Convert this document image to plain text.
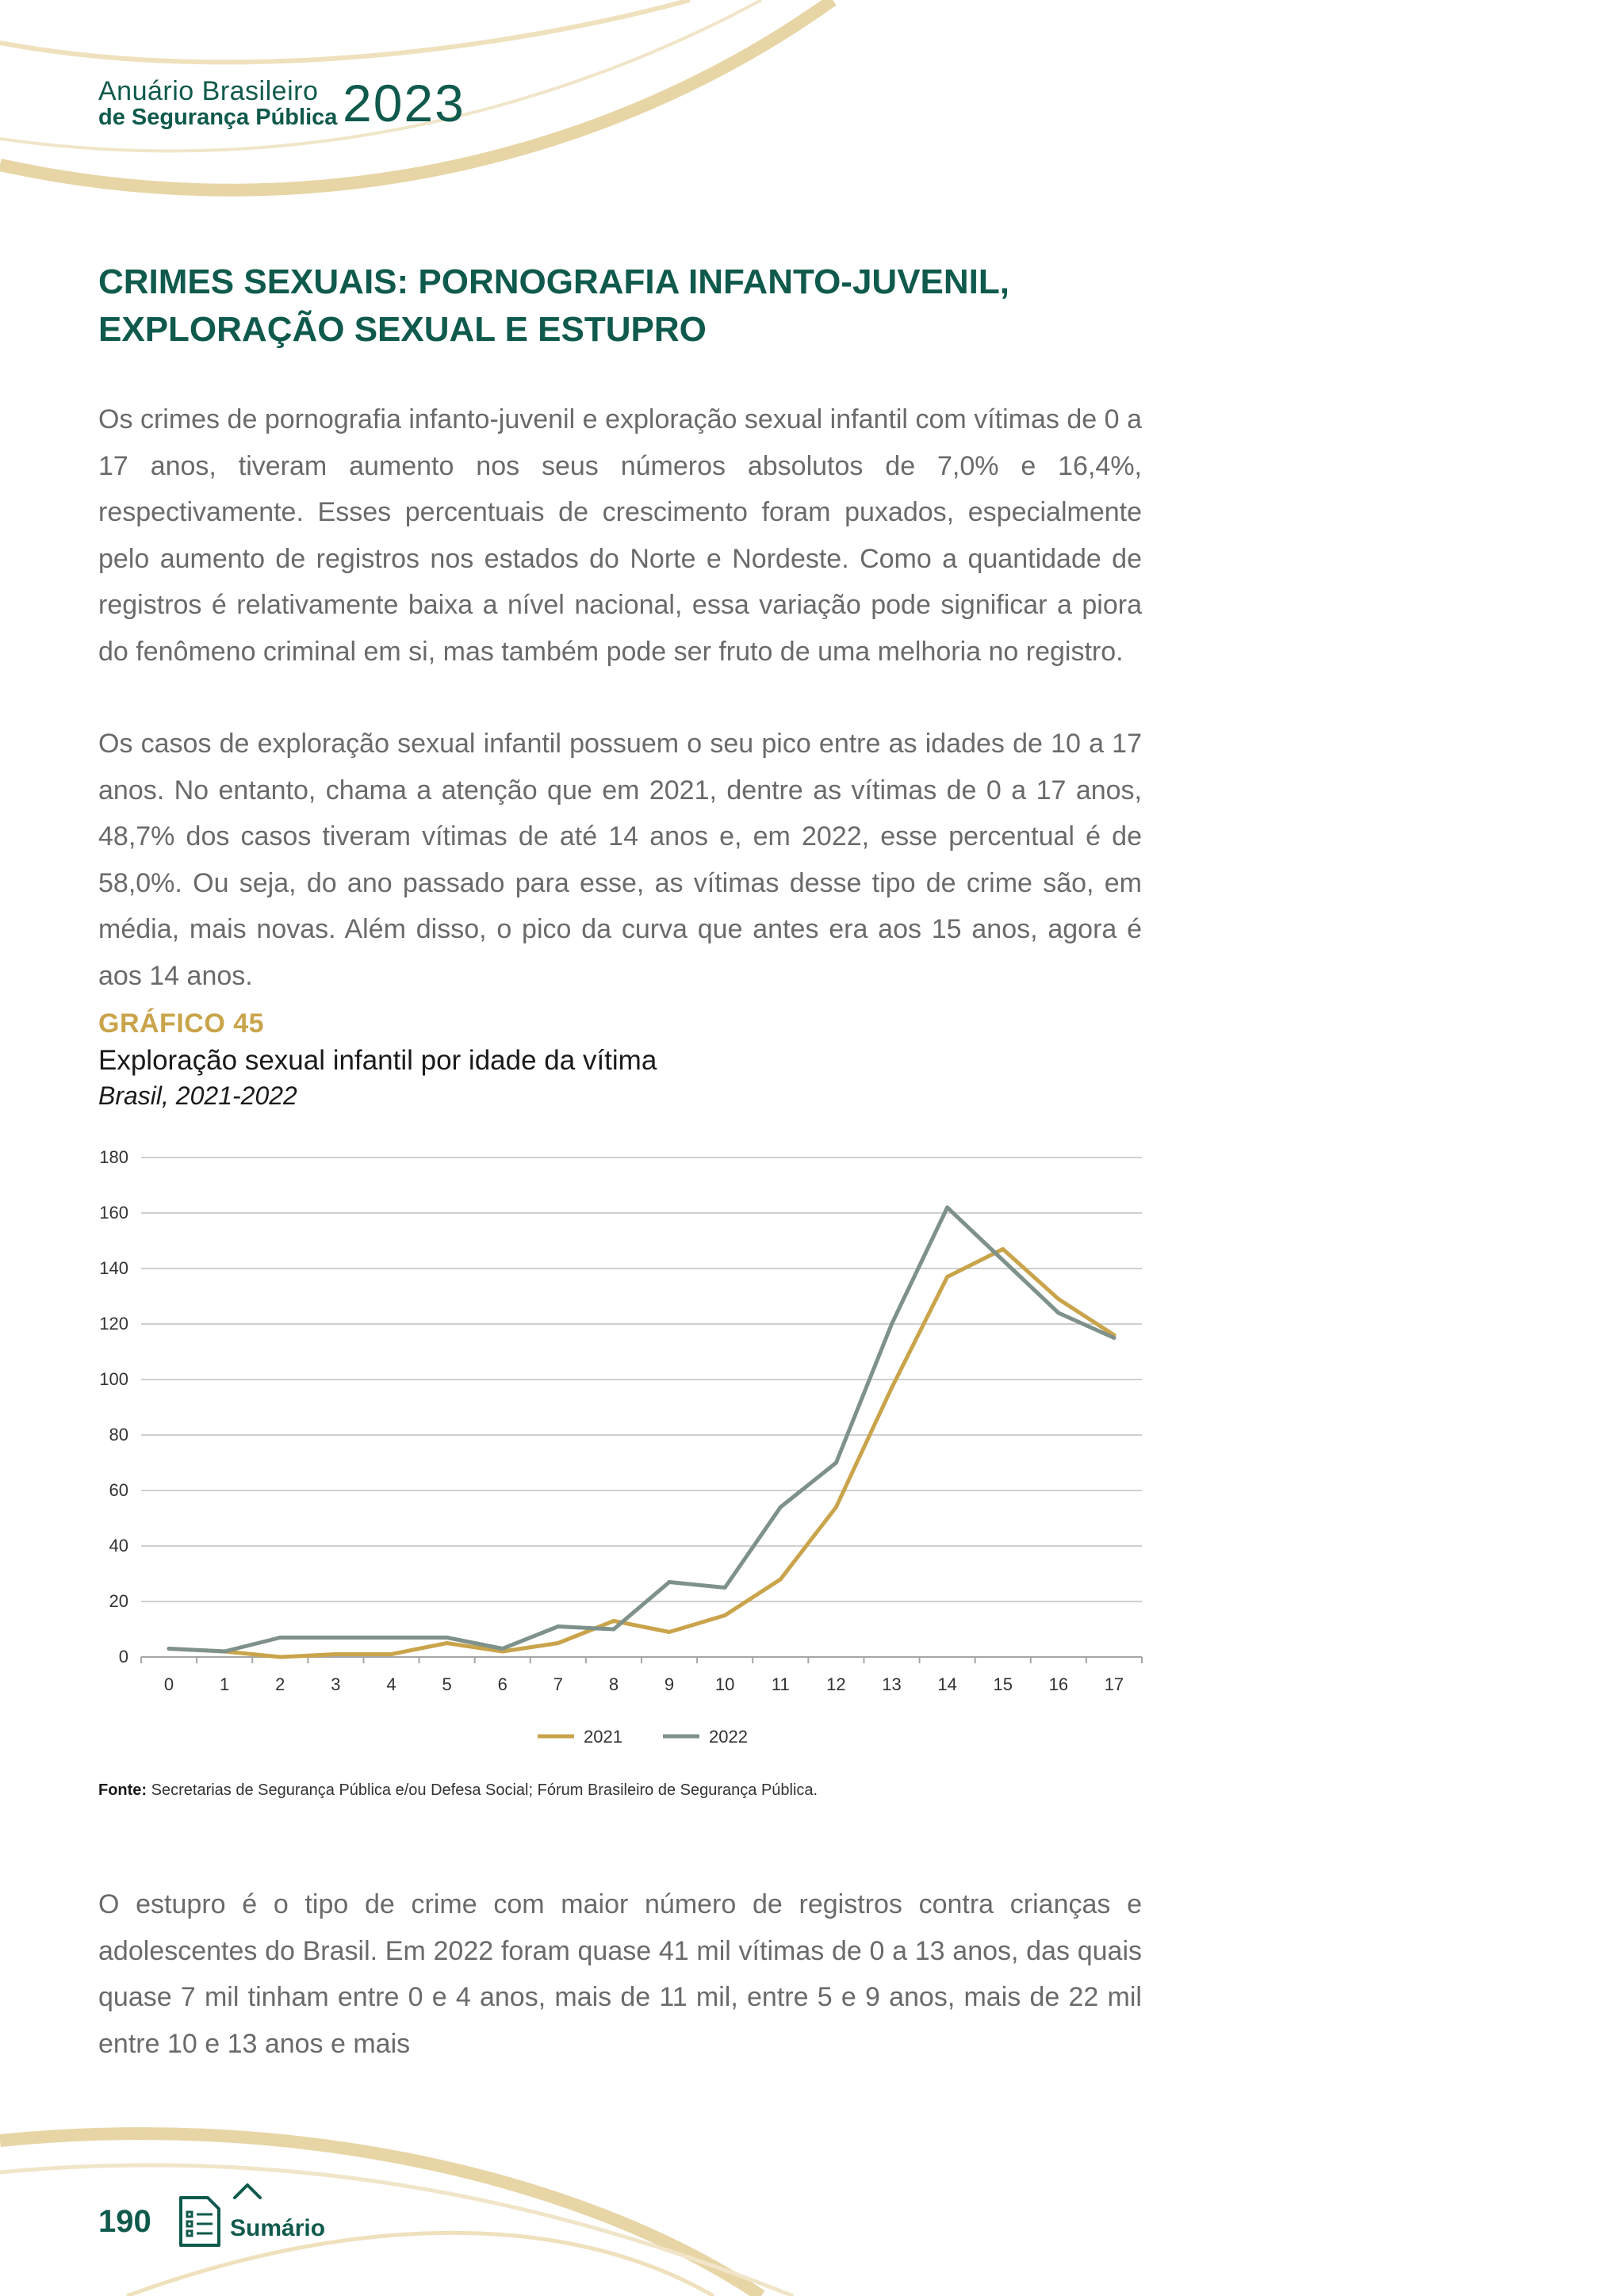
Anuário Brasileiro
de Segurança Pública 2023
CRIMES SEXUAIS: PORNOGRAFIA INFANTO-JUVENIL,
EXPLORAÇÃO SEXUAL E ESTUPRO

Os crimes de pornografia infanto-juvenil e exploração sexual infantil com vítimas de 0 a 17 anos, tiveram aumento nos seus números absolutos de 7,0% e 16,4%, respectivamente. Esses percentuais de crescimento foram puxados, especialmente pelo aumento de registros nos estados do Norte e Nordeste. Como a quantidade de registros é relativamente baixa a nível nacional, essa variação pode significar a piora do fenômeno criminal em si, mas também pode ser fruto de uma melhoria no registro.

Os casos de exploração sexual infantil possuem o seu pico entre as idades de 10 a 17 anos. No entanto, chama a atenção que em 2021, dentre as vítimas de 0 a 17 anos, 48,7% dos casos tiveram vítimas de até 14 anos e, em 2022, esse percentual é de 58,0%. Ou seja, do ano passado para esse, as vítimas desse tipo de crime são, em média, mais novas. Além disso, o pico da curva que antes era aos 15 anos, agora é aos 14 anos.

GRÁFICO 45
Exploração sexual infantil por idade da vítima
Brasil, 2021-2022
0
20
40
60
80
100
120
140
160
180
0	1	2	3	4	5	6	7	8	9 10 11 12 13 14 15 16 17
2021	2022
Fonte: Secretarias de Segurança Pública e/ou Defesa Social; Fórum Brasileiro de Segurança Pública.

O estupro é o tipo de crime com maior número de registros contra crianças e adolescentes do Brasil. Em 2022 foram quase 41 mil vítimas de 0 a 13 anos, das quais quase 7 mil tinham entre 0 e 4 anos, mais de 11 mil, entre 5 e 9 anos, mais de 22 mil entre 10 e 13 anos e mais

190	Sumário
